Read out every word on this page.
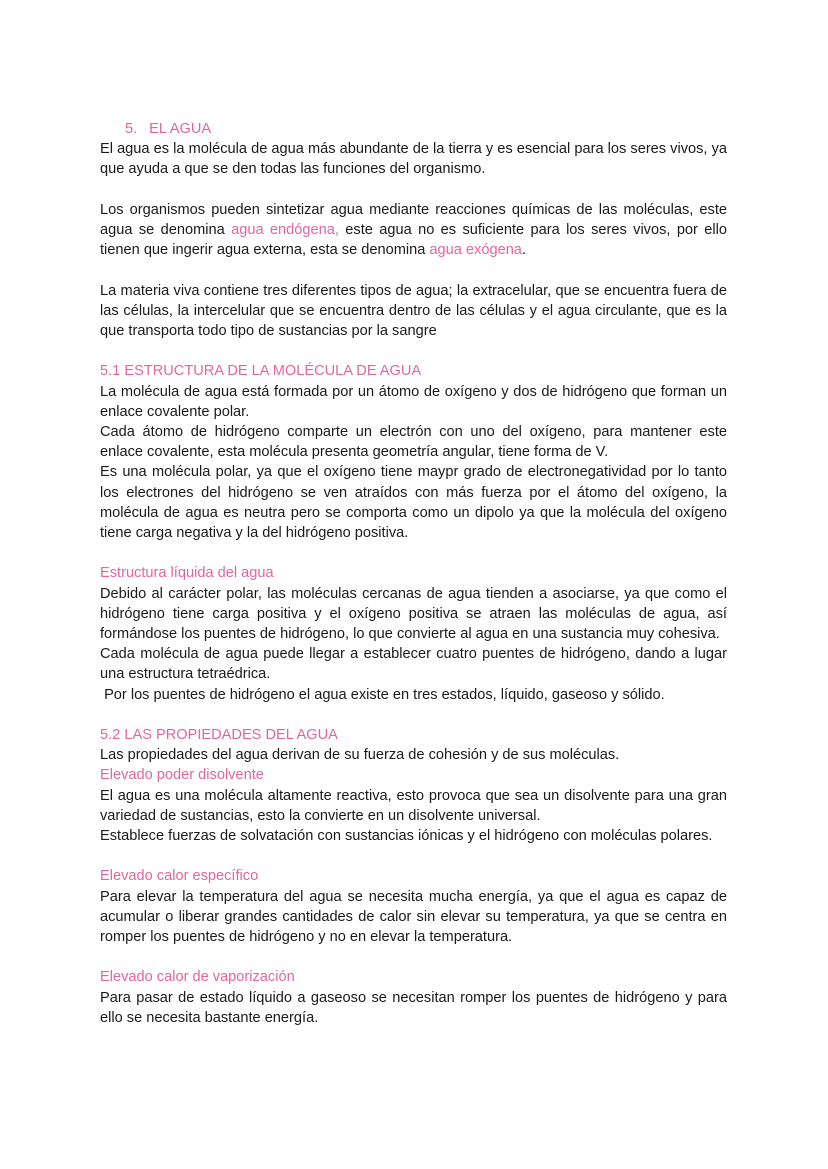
5. EL AGUA

El agua es la molécula de agua más abundante de la tierra y es esencial para los seres vivos, ya que ayuda a que se den todas las funciones del organismo.

Los organismos pueden sintetizar agua mediante reacciones químicas de las moléculas, este agua se denomina agua endógena, este agua no es suficiente para los seres vivos, por ello tienen que ingerir agua externa, esta se denomina agua exógena.

La materia viva contiene tres diferentes tipos de agua; la extracelular, que se encuentra fuera de las células, la intercelular que se encuentra dentro de las células y el agua circulante, que es la que transporta todo tipo de sustancias por la sangre

5.1 ESTRUCTURA DE LA MOLÉCULA DE AGUA

La molécula de agua está formada por un átomo de oxígeno y dos de hidrógeno que forman un enlace covalente polar.

Cada átomo de hidrógeno comparte un electrón con uno del oxígeno, para mantener este enlace covalente, esta molécula presenta geometría angular, tiene forma de V.

Es una molécula polar, ya que el oxígeno tiene maypr grado de electronegatividad por lo tanto los electrones del hidrógeno se ven atraídos con más fuerza por el átomo del oxígeno, la molécula de agua es neutra pero se comporta como un dipolo ya que la molécula del oxígeno tiene carga negativa y la del hidrógeno positiva.

Estructura líquida del agua

Debido al carácter polar, las moléculas cercanas de agua tienden a asociarse, ya que como el hidrógeno tiene carga positiva y el oxígeno positiva se atraen las moléculas de agua, así formándose los puentes de hidrógeno, lo que convierte al agua en una sustancia muy cohesiva.

Cada molécula de agua puede llegar a establecer cuatro puentes de hidrógeno, dando a lugar una estructura tetraédrica.

Por los puentes de hidrógeno el agua existe en tres estados, líquido, gaseoso y sólido.

5.2 LAS PROPIEDADES DEL AGUA

Las propiedades del agua derivan de su fuerza de cohesión y de sus moléculas.

Elevado poder disolvente

El agua es una molécula altamente reactiva, esto provoca que sea un disolvente para una gran variedad de sustancias, esto la convierte en un disolvente universal.

Establece fuerzas de solvatación con sustancias iónicas y el hidrógeno con moléculas polares.

Elevado calor específico

Para elevar la temperatura del agua se necesita mucha energía, ya que el agua es capaz de acumular o liberar grandes cantidades de calor sin elevar su temperatura, ya que se centra en romper los puentes de hidrógeno y no en elevar la temperatura.

Elevado calor de vaporización

Para pasar de estado líquido a gaseoso se necesitan romper los puentes de hidrógeno y para ello se necesita bastante energía.
